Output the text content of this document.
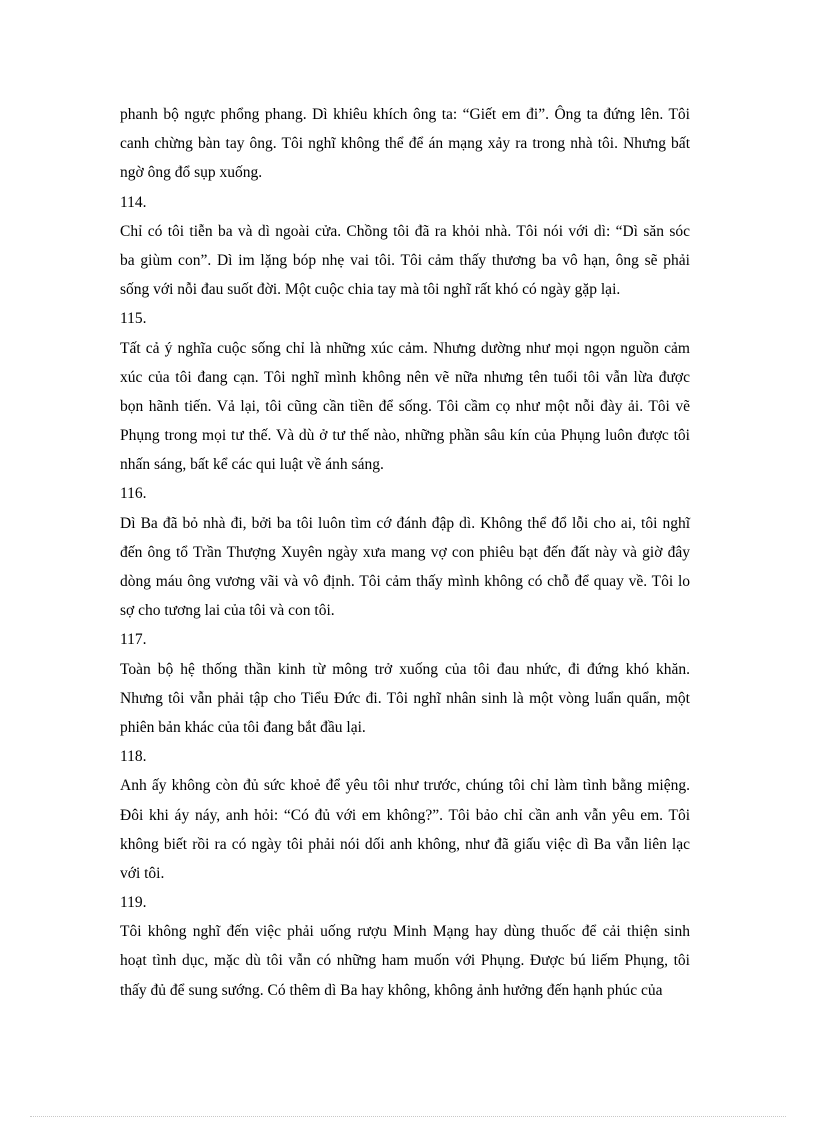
phanh bộ ngực phổng phang. Dì khiêu khích ông ta: “Giết em đi”. Ông ta đứng lên. Tôi
canh chừng bàn tay ông. Tôi nghĩ không thể để án mạng xảy ra trong nhà tôi. Nhưng bất
ngờ ông đổ sụp xuống.
114.
Chỉ có tôi tiễn ba và dì ngoài cửa. Chồng tôi đã ra khỏi nhà. Tôi nói với dì: “Dì săn sóc
ba giùm con”. Dì im lặng bóp nhẹ vai tôi. Tôi cảm thấy thương ba vô hạn, ông sẽ phải
sống với nỗi đau suốt đời. Một cuộc chia tay mà tôi nghĩ rất khó có ngày gặp lại.
115.
Tất cả ý nghĩa cuộc sống chỉ là những xúc cảm. Nhưng dường như mọi ngọn nguồn cảm
xúc của tôi đang cạn. Tôi nghĩ mình không nên vẽ nữa nhưng tên tuổi tôi vẫn lừa được
bọn hãnh tiến. Vả lại, tôi cũng cần tiền để sống. Tôi cầm cọ như một nỗi đày ải. Tôi vẽ
Phụng trong mọi tư thế. Và dù ở tư thế nào, những phần sâu kín của Phụng luôn được tôi
nhấn sáng, bất kể các qui luật về ánh sáng.
116.
Dì Ba đã bỏ nhà đi, bởi ba tôi luôn tìm cớ đánh đập dì. Không thể đổ lỗi cho ai, tôi nghĩ
đến ông tổ Trần Thượng Xuyên ngày xưa mang vợ con phiêu bạt đến đất này và giờ đây
dòng máu ông vương vãi và vô định. Tôi cảm thấy mình không có chỗ để quay về. Tôi lo
sợ cho tương lai của tôi và con tôi.
117.
Toàn bộ hệ thống thần kinh từ mông trở xuống của tôi đau nhức, đi đứng khó khăn.
Nhưng tôi vẫn phải tập cho Tiểu Đức đi. Tôi nghĩ nhân sinh là một vòng luẩn quẩn, một
phiên bản khác của tôi đang bắt đầu lại.
118.
Anh ấy không còn đủ sức khoẻ để yêu tôi như trước, chúng tôi chỉ làm tình bằng miệng.
Đôi khi áy náy, anh hỏi: “Có đủ với em không?”. Tôi bảo chỉ cần anh vẫn yêu em. Tôi
không biết rồi ra có ngày tôi phải nói dối anh không, như đã giấu việc dì Ba vẫn liên lạc
với tôi.
119.
Tôi không nghĩ đến việc phải uống rượu Minh Mạng hay dùng thuốc để cải thiện sinh
hoạt tình dục, mặc dù tôi vẫn có những ham muốn với Phụng. Được bú liếm Phụng, tôi
thấy đủ để sung sướng. Có thêm dì Ba hay không, không ảnh hưởng đến hạnh phúc của
